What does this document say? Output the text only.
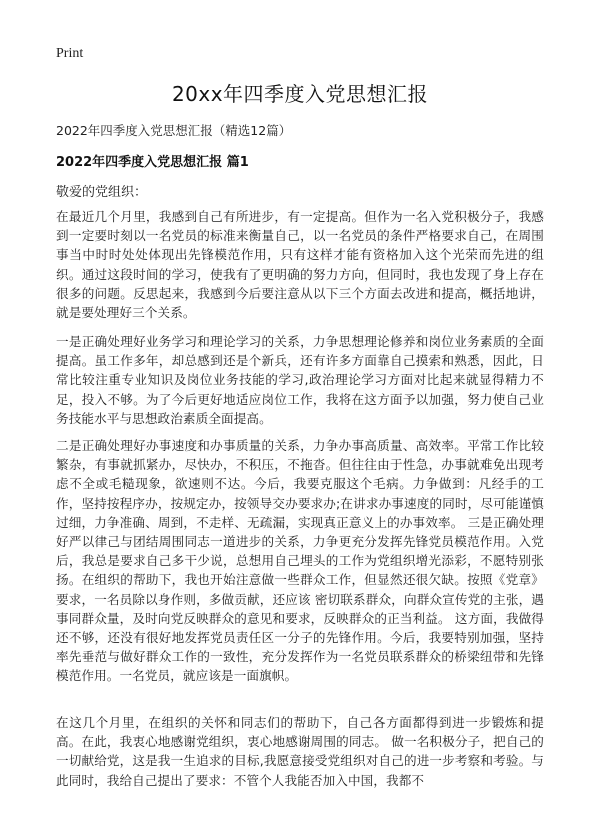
Print
20xx年四季度入党思想汇报
2022年四季度入党思想汇报（精选12篇）
2022年四季度入党思想汇报 篇1
敬爱的党组织：

在最近几个月里，我感到自己有所进步，有一定提高。但作为一名入党积极分子，我感到一定要时刻以一名党员的标准来衡量自己，以一名党员的条件严格要求自己，在周围事当中时时处处体现出先锋模范作用，只有这样才能有资格加入这个光荣而先进的组织。通过这段时间的学习，使我有了更明确的努力方向，但同时，我也发现了身上存在很多的问题。反思起来，我感到今后要注意从以下三个方面去改进和提高，概括地讲，就是要处理好三个关系。

一是正确处理好业务学习和理论学习的关系，力争思想理论修养和岗位业务素质的全面提高。虽工作多年，却总感到还是个新兵，还有许多方面靠自己摸索和熟悉，因此，日常比较注重专业知识及岗位业务技能的学习,政治理论学习方面对比起来就显得精力不足，投入不够。为了今后更好地适应岗位工作，我将在这方面予以加强，努力使自己业务技能水平与思想政治素质全面提高。

二是正确处理好办事速度和办事质量的关系，力争办事高质量、高效率。平常工作比较繁杂，有事就抓紧办，尽快办，不积压，不拖沓。但往往由于性急，办事就难免出现考虑不全或毛糙现象，欲速则不达。今后，我要克服这个毛病。力争做到：凡经手的工作，坚持按程序办，按规定办，按领导交办要求办;在讲求办事速度的同时，尽可能谨慎过细，力争准确、周到，不走样、无疏漏，实现真正意义上的办事效率。 三是正确处理好严以律己与团结周围同志一道进步的关系，力争更充分发挥先锋党员模范作用。入党后，我总是要求自己多干少说，总想用自己埋头的工作为党组织增光添彩，不愿特别张扬。在组织的帮助下，我也开始注意做一些群众工作，但显然还很欠缺。按照《党章》要求，一名员除以身作则，多做贡献，还应该 密切联系群众，向群众宣传党的主张，遇事同群众量，及时向党反映群众的意见和要求，反映群众的正当利益。 这方面，我做得还不够，还没有很好地发挥党员责任区一分子的先锋作用。今后，我要特别加强，坚持率先垂范与做好群众工作的一致性，充分发挥作为一名党员联系群众的桥梁纽带和先锋模范作用。一名党员，就应该是一面旗帜。

在这几个月里，在组织的关怀和同志们的帮助下，自己各方面都得到进一步锻炼和提高。在此，我衷心地感谢党组织，衷心地感谢周围的同志。 做一名积极分子，把自己的一切献给党，这是我一生追求的目标,我愿意接受党组织对自己的进一步考察和考验。与此同时，我给自己提出了要求：不管个人我能否加入中国，我都不
